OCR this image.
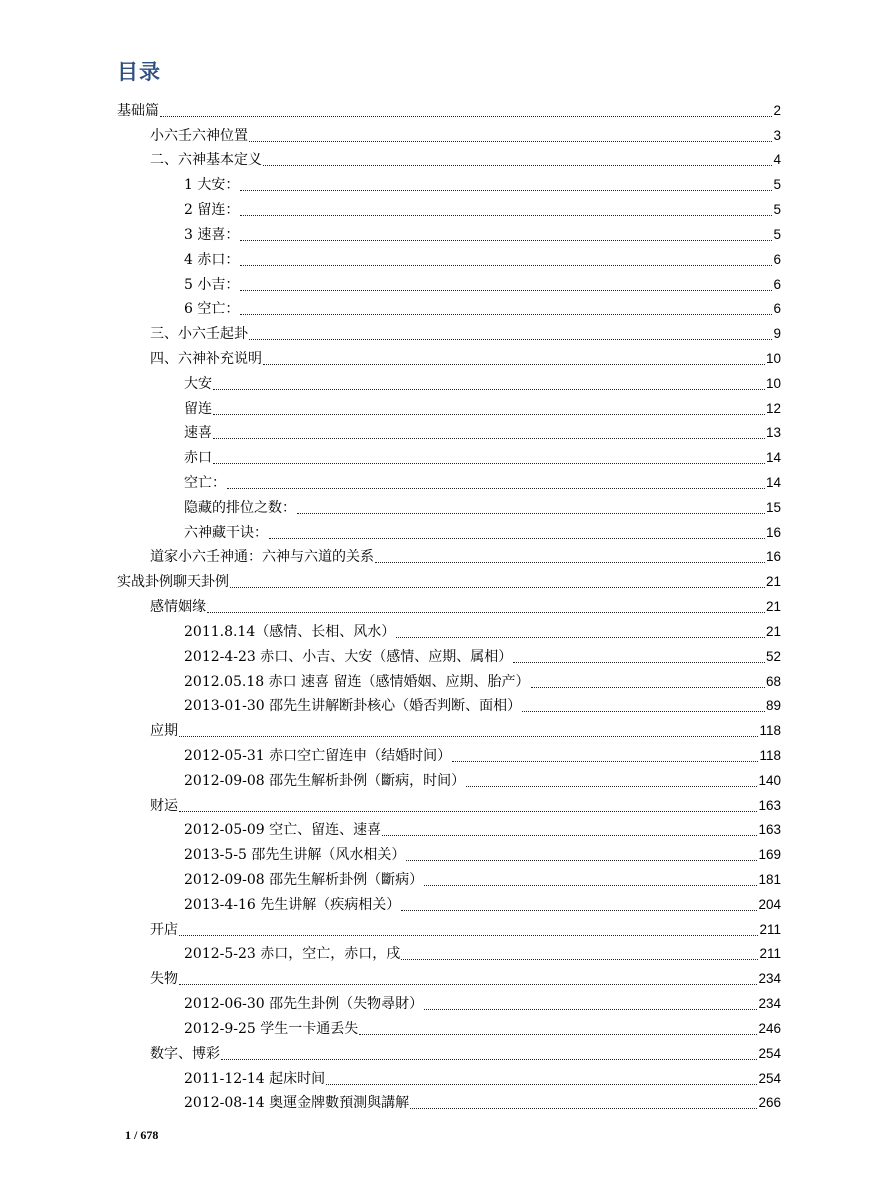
目录
基础篇	2
小六壬六神位置	3
二、六神基本定义	4
1 大安：	5
2 留连：	5
3 速喜：	5
4 赤口：	6
5 小吉：	6
6 空亡：	6
三、小六壬起卦	9
四、六神补充说明	10
大安	10
留连	12
速喜	13
赤口	14
空亡：	14
隐藏的排位之数：	15
六神藏干诀：	16
道家小六壬神通：六神与六道的关系	16
实战卦例聊天卦例	21
感情姻缘	21
2011.8.14（感情、长相、风水）	21
2012-4-23 赤口、小吉、大安（感情、应期、属相）	52
2012.05.18 赤口 速喜 留连（感情婚姻、应期、胎产）	68
2013-01-30 邵先生讲解断卦核心（婚否判断、面相）	89
应期	118
2012-05-31 赤口空亡留连申（结婚时间）	118
2012-09-08 邵先生解析卦例（斷病，时间）	140
财运	163
2012-05-09 空亡、留连、速喜	163
2013-5-5 邵先生讲解（风水相关）	169
2012-09-08 邵先生解析卦例（斷病）	181
2013-4-16 先生讲解（疾病相关）	204
开店	211
2012-5-23 赤口，空亡，赤口，戌	211
失物	234
2012-06-30 邵先生卦例（失物尋財）	234
2012-9-25 学生一卡通丢失	246
数字、博彩	254
2011-12-14 起床时间	254
2012-08-14 奥運金牌數預測與講解	266
1 / 678
